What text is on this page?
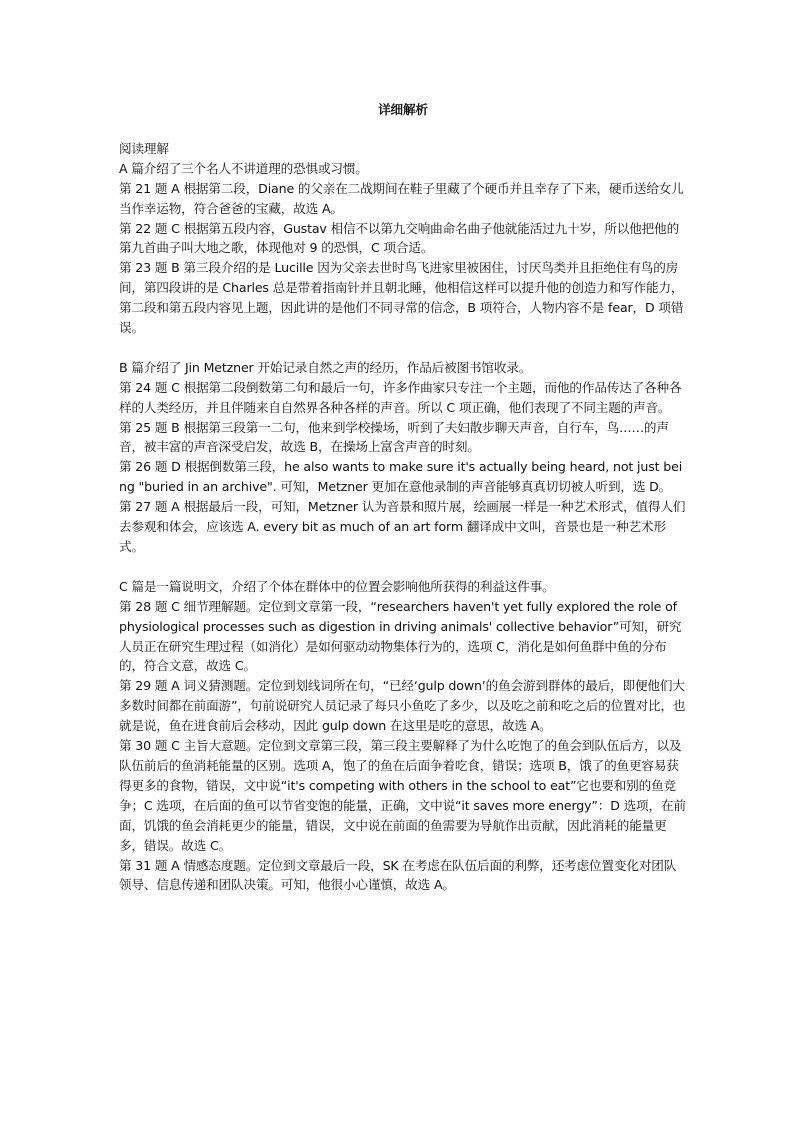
详细解析

阅读理解

A 篇介绍了三个名人不讲道理的恐惧或习惯。

第 21 题 A 根据第二段，Diane 的父亲在二战期间在鞋子里藏了个硬币并且幸存了下来，硬币送给女儿当作幸运物，符合爸爸的宝藏，故选 A。

第 22 题 C 根据第五段内容，Gustav 相信不以第九交响曲命名曲子他就能活过九十岁，所以他把他的第九首曲子叫大地之歌，体现他对 9 的恐惧，C 项合适。

第 23 题 B 第三段介绍的是 Lucille 因为父亲去世时鸟飞进家里被困住，讨厌鸟类并且拒绝住有鸟的房间，第四段讲的是 Charles 总是带着指南针并且朝北睡，他相信这样可以提升他的创造力和写作能力，第二段和第五段内容见上题，因此讲的是他们不同寻常的信念，B 项符合，人物内容不是 fear，D 项错误。

B 篇介绍了 Jin Metzner 开始记录自然之声的经历，作品后被图书馆收录。

第 24 题 C 根据第二段倒数第二句和最后一句，许多作曲家只专注一个主题，而他的作品传达了各种各样的人类经历，并且伴随来自自然界各种各样的声音。所以 C 项正确，他们表现了不同主题的声音。

第 25 题 B 根据第三段第一二句，他来到学校操场，听到了夫妇散步聊天声音，自行车，鸟……的声音，被丰富的声音深受启发，故选 B，在操场上富含声音的时刻。

第 26 题 D 根据倒数第三段，he also wants to make sure it's actually being heard, not just being "buried in an archive". 可知，Metzner 更加在意他录制的声音能够真真切切被人听到，选 D。

第 27 题 A 根据最后一段，可知，Metzner 认为音景和照片展，绘画展一样是一种艺术形式，值得人们去参观和体会，应该选 A. every bit as much of an art form 翻译成中文叫，音景也是一种艺术形式。

C 篇是一篇说明文，介绍了个体在群体中的位置会影响他所获得的利益这件事。

第 28 题 C 细节理解题。定位到文章第一段，“researchers haven't yet fully explored the role of physiological processes such as digestion in driving animals' collective behavior”可知，研究人员正在研究生理过程（如消化）是如何驱动动物集体行为的，选项 C，消化是如何鱼群中鱼的分布的，符合文意，故选 C。

第 29 题 A 词义猜测题。定位到划线词所在句，“已经‘gulp down’的鱼会游到群体的最后，即便他们大多数时间都在前面游”，句前说研究人员记录了每只小鱼吃了多少，以及吃之前和吃之后的位置对比，也就是说，鱼在进食前后会移动，因此 gulp down 在这里是吃的意思，故选 A。

第 30 题 C 主旨大意题。定位到文章第三段，第三段主要解释了为什么吃饱了的鱼会到队伍后方，以及队伍前后的鱼消耗能量的区别。选项 A，饱了的鱼在后面争着吃食，错误；选项 B，饿了的鱼更容易获得更多的食物，错误，文中说“it's competing with others in the school to eat”它也要和别的鱼竞争；C 选项，在后面的鱼可以节省变饱的能量，正确，文中说“it saves more energy”：D 选项，在前面，饥饿的鱼会消耗更少的能量，错误，文中说在前面的鱼需要为导航作出贡献，因此消耗的能量更多，错误。故选 C。

第 31 题 A 情感态度题。定位到文章最后一段，SK 在考虑在队伍后面的利弊，还考虑位置变化对团队领导、信息传递和团队决策。可知，他很小心谨慎，故选 A。
